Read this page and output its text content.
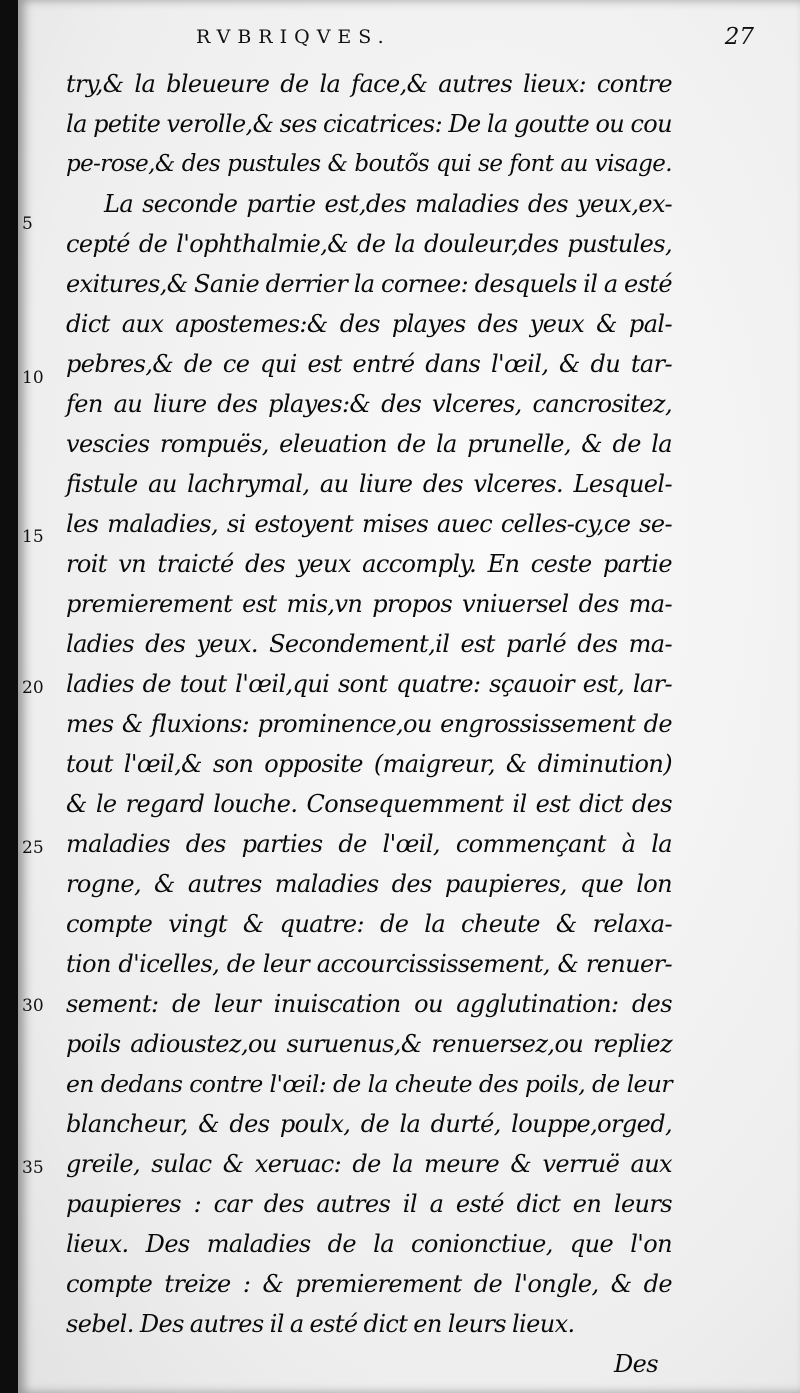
RVBRIQVES.	27
try,& la bleueure de la face,& autres lieux: contre
la petite verolle,& ses cicatrices: De la goutte ou cou
pe-rose,& des pustules & boutõs qui se font au visage.
La seconde partie est,des maladies des yeux,ex-
cepté de l'ophthalmie,& de la douleur,des pustules,
exitures,& Sanie derrier la cornee: desquels il a esté
dict aux apostemes:& des playes des yeux & pal-
pebres,& de ce qui est entré dans l'œil, & du tar-
fen au liure des playes:& des vlceres, cancrositez,
vescies rompuës, eleuation de la prunelle, & de la
fistule au lachrymal, au liure des vlceres. Lesquel-
les maladies, si estoyent mises auec celles-cy,ce se-
roit vn traicté des yeux accomply. En ceste partie
premierement est mis,vn propos vniuersel des ma-
ladies des yeux. Secondement,il est parlé des ma-
ladies de tout l'œil,qui sont quatre: sçauoir est, lar-
mes & fluxions: prominence,ou engrossissement de
tout l'œil,& son opposite (maigreur, & diminution)
& le regard louche. Consequemment il est dict des
maladies des parties de l'œil, commençant à la
rogne, & autres maladies des paupieres, que lon
compte vingt & quatre: de la cheute & relaxa-
tion d'icelles, de leur accourcississement, & renuer-
sement: de leur inuiscation ou agglutination: des
poils adioustez,ou suruenus,& renuersez,ou repliez
en dedans contre l'œil: de la cheute des poils, de leur
blancheur, & des poulx, de la durté, louppe,orged,
greile, sulac & xeruac: de la meure & verruë aux
paupieres : car des autres il a esté dict en leurs
lieux. Des maladies de la conionctiue, que l'on
compte treize : & premierement de l'ongle, & de
sebel. Des autres il a esté dict en leurs lieux.
Des
5
10
15
20
25
30
35
